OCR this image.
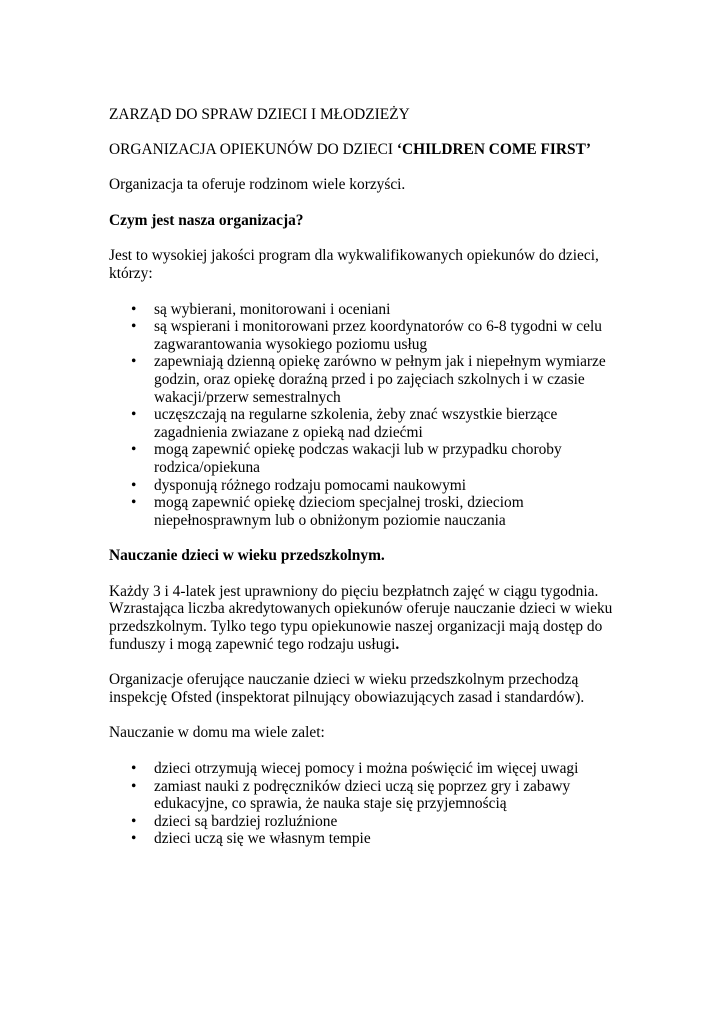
ZARZĄD DO SPRAW DZIECI I MŁODZIEŻY

ORGANIZACJA OPIEKUNÓW DO DZIECI ‘CHILDREN COME FIRST’

Organizacja ta oferuje rodzinom wiele korzyści.

Czym jest nasza organizacja?

Jest to wysokiej jakości program dla wykwalifikowanych opiekunów do dzieci, którzy:

• są wybierani, monitorowani i oceniani
• są wspierani i monitorowani przez koordynatorów co 6-8 tygodni w celu zagwarantowania wysokiego poziomu usług
• zapewniają dzienną opiekę zarówno w pełnym jak i niepełnym wymiarze godzin, oraz opiekę doraźną przed i po zajęciach szkolnych i w czasie wakacji/przerw semestralnych
• uczęszczają na regularne szkolenia, żeby znać wszystkie bierzące zagadnienia zwiazane z opieką nad dziećmi
• mogą zapewnić opiekę podczas wakacji lub w przypadku choroby rodzica/opiekuna
• dysponują różnego rodzaju pomocami naukowymi
• mogą zapewnić opiekę dzieciom specjalnej troski, dzieciom niepełnosprawnym lub o obniżonym poziomie nauczania

Nauczanie dzieci w wieku przedszkolnym.

Każdy 3 i 4-latek jest uprawniony do pięciu bezpłatnch zajęć w ciągu tygodnia. Wzrastająca liczba akredytowanych opiekunów oferuje nauczanie dzieci w wieku przedszkolnym. Tylko tego typu opiekunowie naszej organizacji mają dostęp do funduszy i mogą zapewnić tego rodzaju usługi.

Organizacje oferujące nauczanie dzieci w wieku przedszkolnym przechodzą inspekcję Ofsted (inspektorat pilnujący obowiazujących zasad i standardów).

Nauczanie w domu ma wiele zalet:

• dzieci otrzymują wiecej pomocy i można poświęcić im więcej uwagi
• zamiast nauki z podręczników dzieci uczą się poprzez gry i zabawy edukacyjne, co sprawia, że nauka staje się przyjemnością
• dzieci są bardziej rozluźnione
• dzieci uczą się we własnym tempie
